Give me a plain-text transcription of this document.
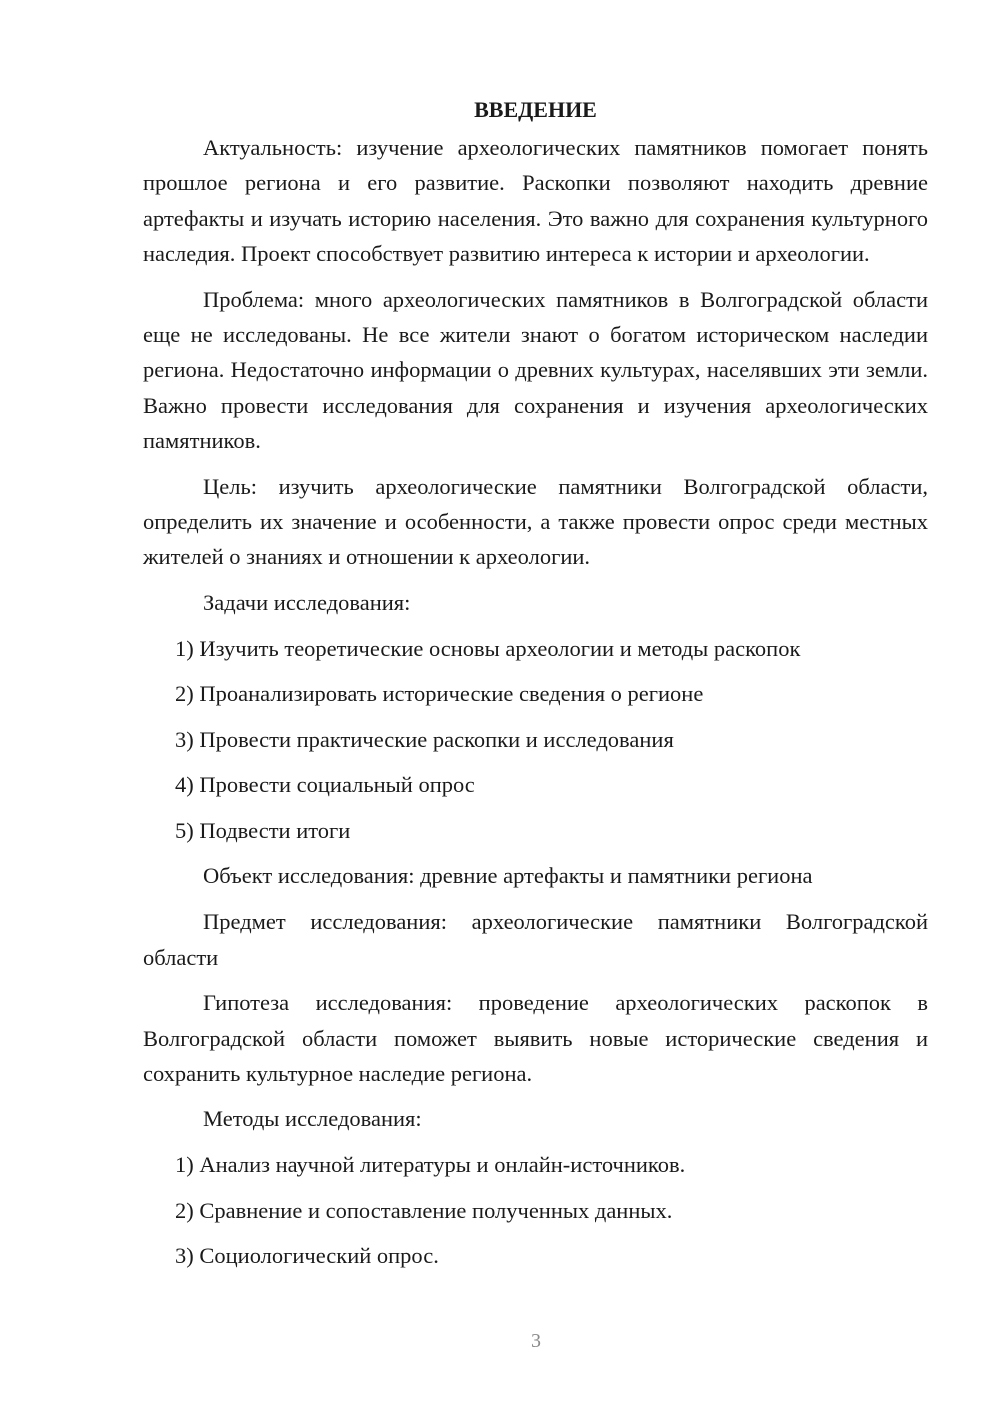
ВВЕДЕНИЕ

Актуальность: изучение археологических памятников помогает понять прошлое региона и его развитие. Раскопки позволяют находить древние артефакты и изучать историю населения. Это важно для сохранения культурного наследия. Проект способствует развитию интереса к истории и археологии.

Проблема: много археологических памятников в Волгоградской области еще не исследованы. Не все жители знают о богатом историческом наследии региона. Недостаточно информации о древних культурах, населявших эти земли. Важно провести исследования для сохранения и изучения археологических памятников.

Цель: изучить археологические памятники Волгоградской области, определить их значение и особенности, а также провести опрос среди местных жителей о знаниях и отношении к археологии.

Задачи исследования:

1) Изучить теоретические основы археологии и методы раскопок
2) Проанализировать исторические сведения о регионе
3) Провести практические раскопки и исследования
4) Провести социальный опрос
5) Подвести итоги

Объект исследования: древние артефакты и памятники региона

Предмет исследования: археологические памятники Волгоградской области

Гипотеза исследования: проведение археологических раскопок в Волгоградской области поможет выявить новые исторические сведения и сохранить культурное наследие региона.

Методы исследования:

1) Анализ научной литературы и онлайн-источников.
2) Сравнение и сопоставление полученных данных.
3) Социологический опрос.
3
